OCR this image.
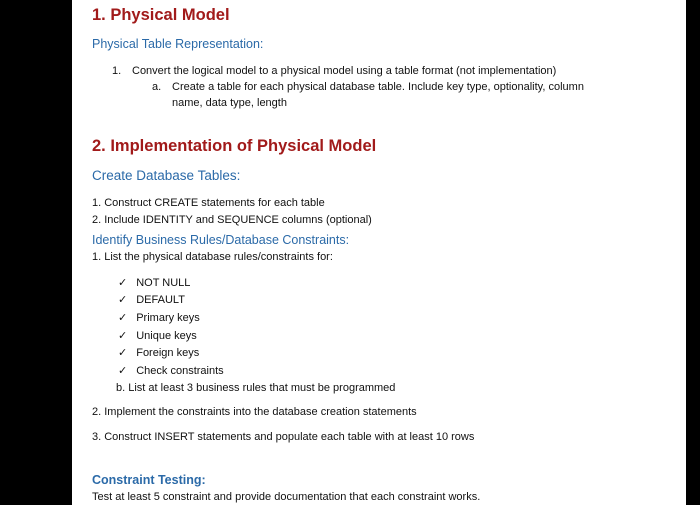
1. Physical Model
Physical Table Representation:
1. Convert the logical model to a physical model using a table format (not implementation)
a. Create a table for each physical database table. Include key type, optionality, column
name, data type, length
2. Implementation of Physical Model
Create Database Tables:
1. Construct CREATE statements for each table
2. Include IDENTITY and SEQUENCE columns (optional)
Identify Business Rules/Database Constraints:
1. List the physical database rules/constraints for:
✓ NOT NULL
✓ DEFAULT
✓ Primary keys
✓ Unique keys
✓ Foreign keys
✓ Check constraints
b. List at least 3 business rules that must be programmed
2. Implement the constraints into the database creation statements
3. Construct INSERT statements and populate each table with at least 10 rows
Constraint Testing:
Test at least 5 constraint and provide documentation that each constraint works.
